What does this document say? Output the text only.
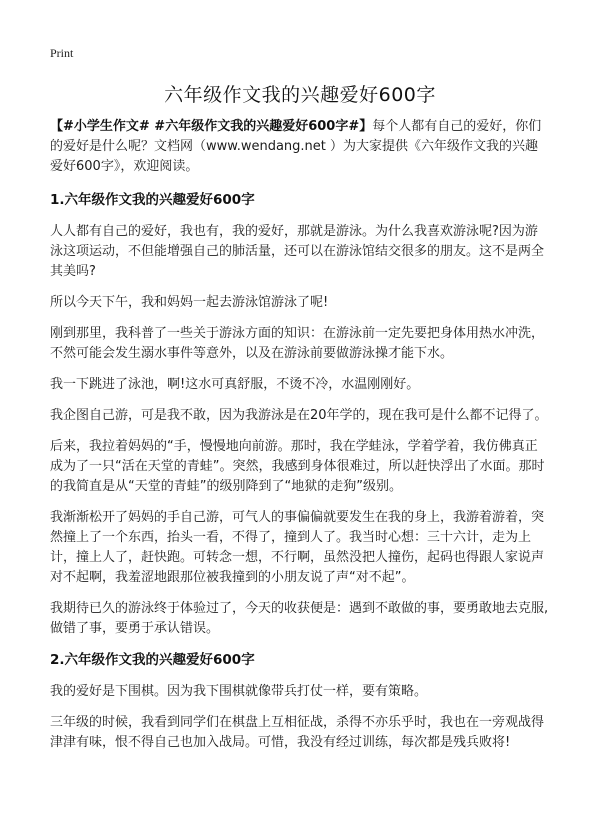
Print
六年级作文我的兴趣爱好600字

【#小学生作文# #六年级作文我的兴趣爱好600字#】每个人都有自己的爱好，你们的爱好是什么呢？文档网（www.wendang.net ）为大家提供《六年级作文我的兴趣爱好600字》，欢迎阅读。

1.六年级作文我的兴趣爱好600字

人人都有自己的爱好，我也有，我的爱好，那就是游泳。为什么我喜欢游泳呢?因为游泳这项运动，不但能增强自己的肺活量，还可以在游泳馆结交很多的朋友。这不是两全其美吗?

所以今天下午，我和妈妈一起去游泳馆游泳了呢!

刚到那里，我科普了一些关于游泳方面的知识：在游泳前一定先要把身体用热水冲洗，不然可能会发生溺水事件等意外，以及在游泳前要做游泳操才能下水。

我一下跳进了泳池，啊!这水可真舒服，不烫不冷，水温刚刚好。

我企图自己游，可是我不敢，因为我游泳是在20年学的，现在我可是什么都不记得了。

后来，我拉着妈妈的“手，慢慢地向前游。那时，我在学蛙泳，学着学着，我仿佛真正成为了一只“活在天堂的青蛙”。突然，我感到身体很难过，所以赶快浮出了水面。那时的我简直是从“天堂的青蛙”的级别降到了“地狱的走狗”级别。

我渐渐松开了妈妈的手自己游，可气人的事偏偏就要发生在我的身上，我游着游着，突然撞上了一个东西，抬头一看，不得了，撞到人了。我当时心想：三十六计，走为上计，撞上人了，赶快跑。可转念一想，不行啊，虽然没把人撞伤，起码也得跟人家说声对不起啊，我羞涩地跟那位被我撞到的小朋友说了声“对不起”。

我期待已久的游泳终于体验过了，今天的收获便是：遇到不敢做的事，要勇敢地去克服,做错了事，要勇于承认错误。

2.六年级作文我的兴趣爱好600字

我的爱好是下围棋。因为我下围棋就像带兵打仗一样，要有策略。

三年级的时候，我看到同学们在棋盘上互相征战，杀得不亦乐乎时，我也在一旁观战得津津有味，恨不得自己也加入战局。可惜，我没有经过训练，每次都是残兵败将!
